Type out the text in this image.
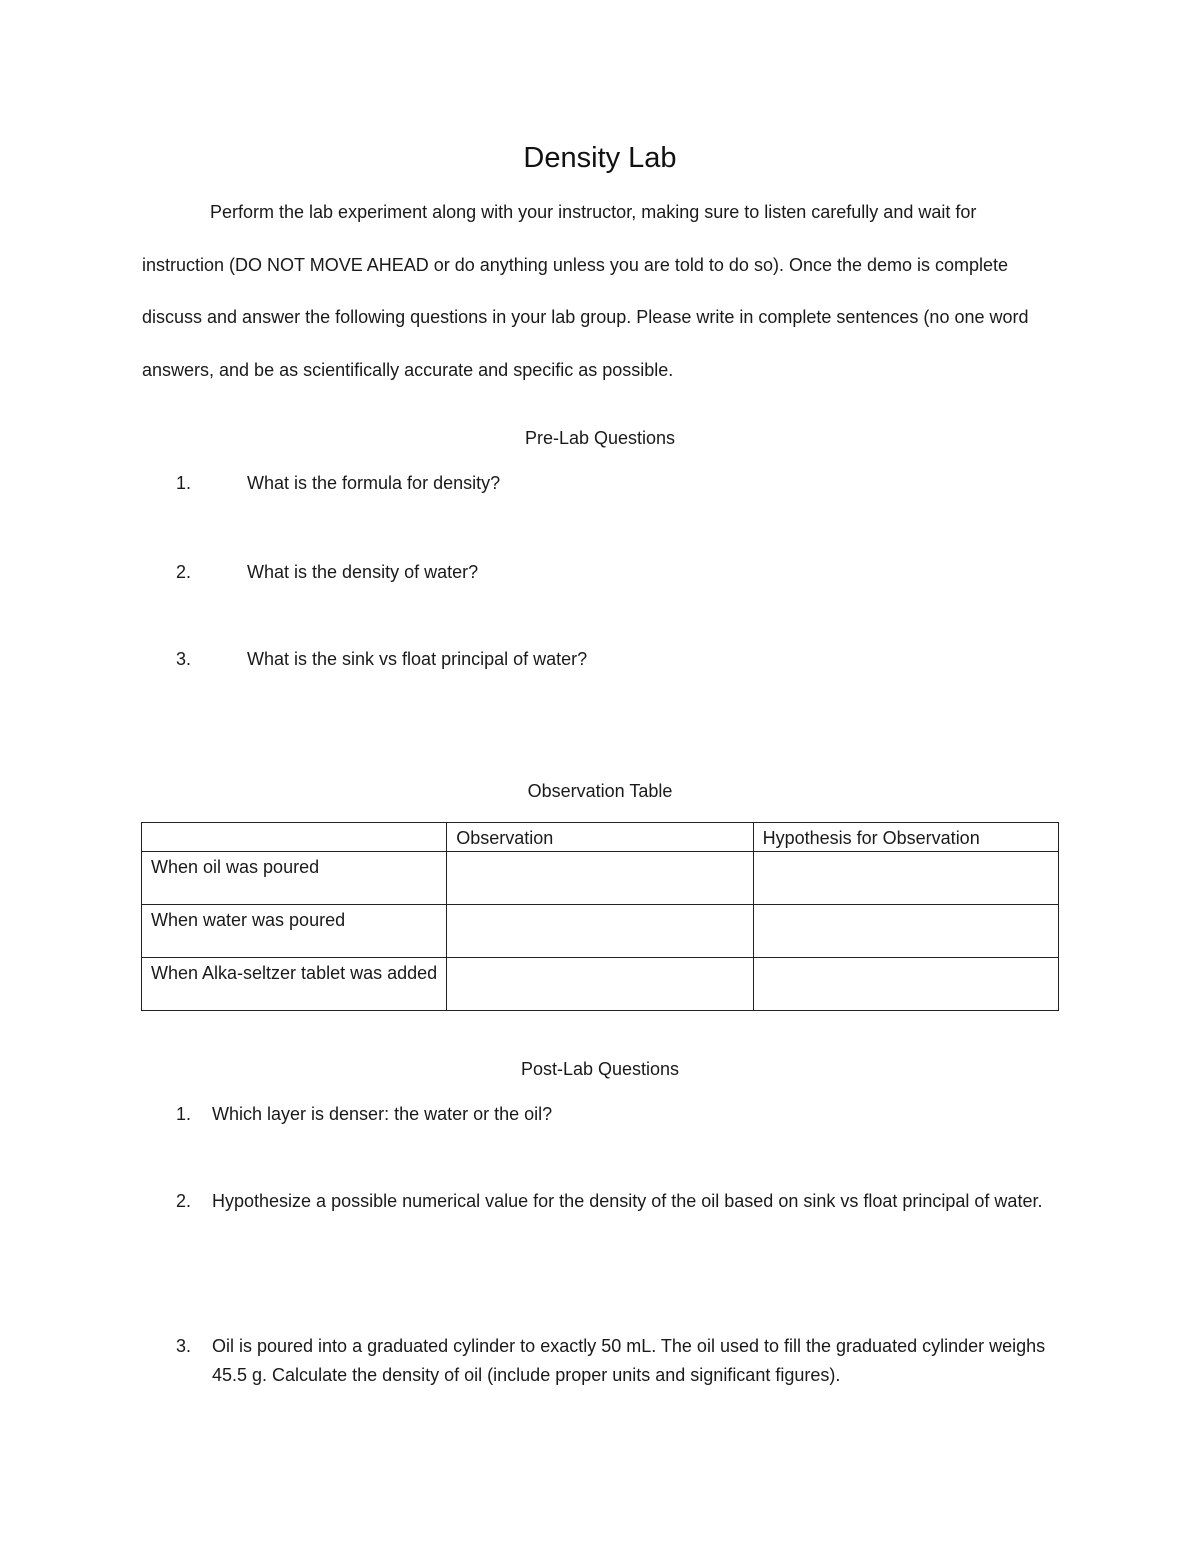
Density Lab

Perform the lab experiment along with your instructor, making sure to listen carefully and wait for instruction (DO NOT MOVE AHEAD or do anything unless you are told to do so). Once the demo is complete discuss and answer the following questions in your lab group. Please write in complete sentences (no one word answers, and be as scientifically accurate and specific as possible.

Pre-Lab Questions
1.	What is the formula for density?
2.	What is the density of water?
3.	What is the sink vs float principal of water?
Observation Table
	Observation	Hypothesis for Observation
When oil was poured		
When water was poured		
When Alka-seltzer tablet was added		
Post-Lab Questions
1. Which layer is denser: the water or the oil?
2. Hypothesize a possible numerical value for the density of the oil based on sink vs float principal of water.
3. Oil is poured into a graduated cylinder to exactly 50 mL. The oil used to fill the graduated cylinder weighs 45.5 g. Calculate the density of oil (include proper units and significant figures).
